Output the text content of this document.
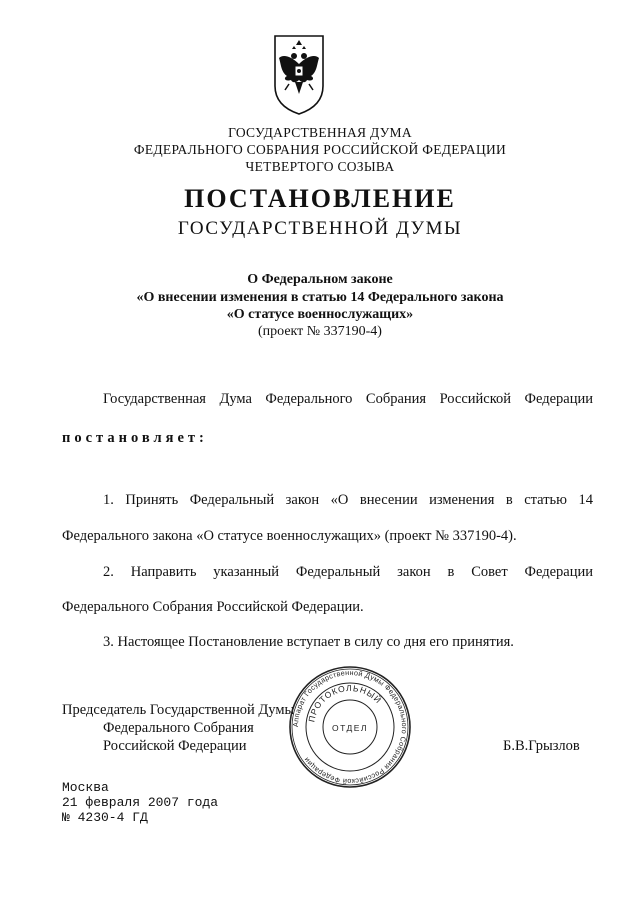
ГОСУДАРСТВЕННАЯ ДУМА
ФЕДЕРАЛЬНОГО СОБРАНИЯ РОССИЙСКОЙ ФЕДЕРАЦИИ
ЧЕТВЕРТОГО СОЗЫВА
ПОСТАНОВЛЕНИЕ
ГОСУДАРСТВЕННОЙ ДУМЫ
О Федеральном законе
«О внесении изменения в статью 14 Федерального закона
«О статусе военнослужащих»
(проект № 337190-4)
Государственная Дума Федерального Собрания Российской Федерации
постановляет:
1. Принять Федеральный закон «О внесении изменения в статью 14
Федерального закона «О статусе военнослужащих» (проект № 337190-4).
2. Направить указанный Федеральный закон в Совет Федерации
Федерального Собрания Российской Федерации.
3. Настоящее Постановление вступает в силу со дня его принятия.
Председатель Государственной Думы
Федерального Собрания
Российской Федерации	Б.В.Грызлов
Аппарат Государственной Думы Федерального Собрания Российской Федерации
ПРОТОКОЛЬНЫЙ
ОТДЕЛ
Москва
21 февраля 2007 года
№ 4230-4 ГД
